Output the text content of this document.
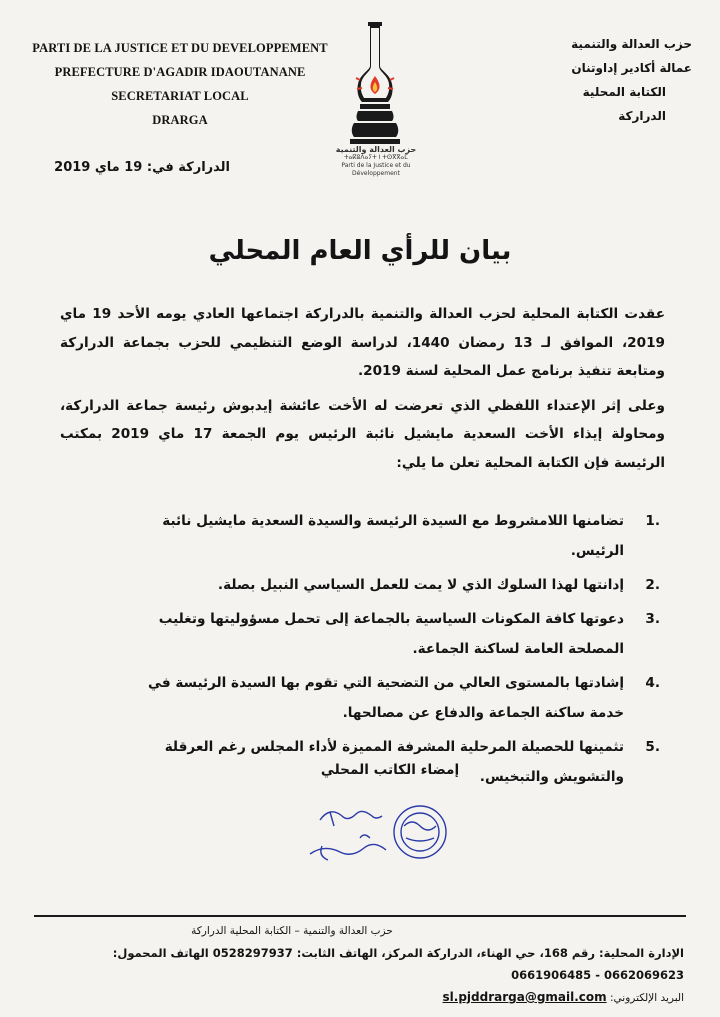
PARTI DE LA JUSTICE ET DU DEVELOPPEMENT
PREFECTURE D'AGADIR IDAOUTANANE
SECRETARIAT LOCAL
DRARGA
حزب العدالة والتنمية
عمالة أكادير إداوتنان
الكتابة المحلية
الدراركة
حزب العدالة والتنمية
ⵜⴰⴽⵓⴷⴰⵢⵜ ⵏ ⵜⵙⴳⴳⴰⵎ
Parti de la Justice et du Développement
الدراركة في: 19 ماي 2019
بيان للرأي العام المحلي

عقدت الكتابة المحلية لحزب العدالة والتنمية بالدراركة اجتماعها العادي يومه الأحد 19 ماي 2019، الموافق لـ 13 رمضان 1440، لدراسة الوضع التنظيمي للحزب بجماعة الدراركة ومتابعة تنفيذ برنامج عمل المحلية لسنة 2019.

وعلى إثر الإعتداء اللفظي الذي تعرضت له الأخت عائشة إيدبوش رئيسة جماعة الدراركة، ومحاولة إيذاء الأخت السعدية مايشيل نائبة الرئيس يوم الجمعة 17 ماي 2019 بمكتب الرئيسة فإن الكتابة المحلية تعلن ما يلي:

1.
تضامنها اللامشروط مع السيدة الرئيسة والسيدة السعدية مايشيل نائبة الرئيس.
2.
إدانتها لهذا السلوك الذي لا يمت للعمل السياسي النبيل بصلة.
3.
دعوتها كافة المكونات السياسية بالجماعة إلى تحمل مسؤوليتها وتغليب المصلحة العامة لساكنة الجماعة.
4.
إشادتها بالمستوى العالي من التضحية التي تقوم بها السيدة الرئيسة في خدمة ساكنة الجماعة والدفاع عن مصالحها.
5.
تثمينها للحصيلة المرحلية المشرفة المميزة لأداء المجلس رغم العرقلة والتشويش والتبخيس.
إمضاء الكاتب المحلي
حزب العدالة والتنمية – الكتابة المحلية الدراركة
الإدارة المحلية: رقم 168، حي الهناء، الدراركة المركز، الهاتف الثابت: 0528297937 الهاتف المحمول: 0662069623 - 0661906485
البريد الإلكتروني: sl.pjddrarga@gmail.com
